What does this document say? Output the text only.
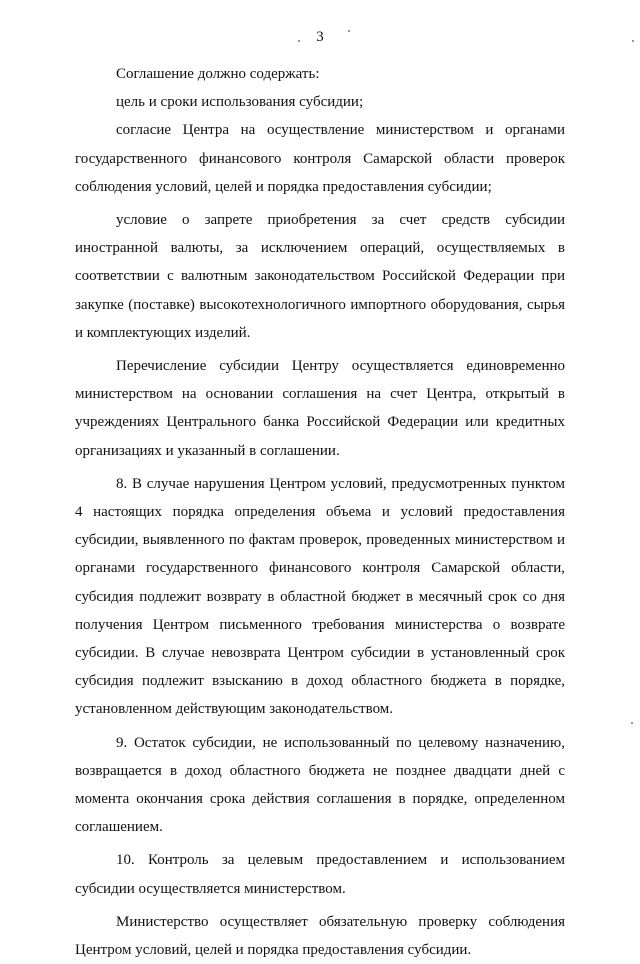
3

Соглашение должно содержать:

цель и сроки использования субсидии;

согласие Центра на осуществление министерством и органами государственного финансового контроля Самарской области проверок соблюдения условий, целей и порядка предоставления субсидии;

условие о запрете приобретения за счет средств субсидии иностранной валюты, за исключением операций, осуществляемых в соответствии с валютным законодательством Российской Федерации при закупке (поставке) высокотехнологичного импортного оборудования, сырья и комплектующих изделий.

Перечисление субсидии Центру осуществляется единовременно министерством на основании соглашения на счет Центра, открытый в учреждениях Центрального банка Российской Федерации или кредитных организациях и указанный в соглашении.

8. В случае нарушения Центром условий, предусмотренных пунктом 4 настоящих порядка определения объема и условий предоставления субсидии, выявленного по фактам проверок, проведенных министерством и органами государственного финансового контроля Самарской области, субсидия подлежит возврату в областной бюджет в месячный срок со дня получения Центром письменного требования министерства о возврате субсидии. В случае невозврата Центром субсидии в установленный срок субсидия подлежит взысканию в доход областного бюджета в порядке, установленном действующим законодательством.

9. Остаток субсидии, не использованный по целевому назначению, возвращается в доход областного бюджета не позднее двадцати дней с момента окончания срока действия соглашения в порядке, определенном соглашением.

10. Контроль за целевым предоставлением и использованием субсидии осуществляется министерством.

Министерство осуществляет обязательную проверку соблюдения Центром условий, целей и порядка предоставления субсидии.
